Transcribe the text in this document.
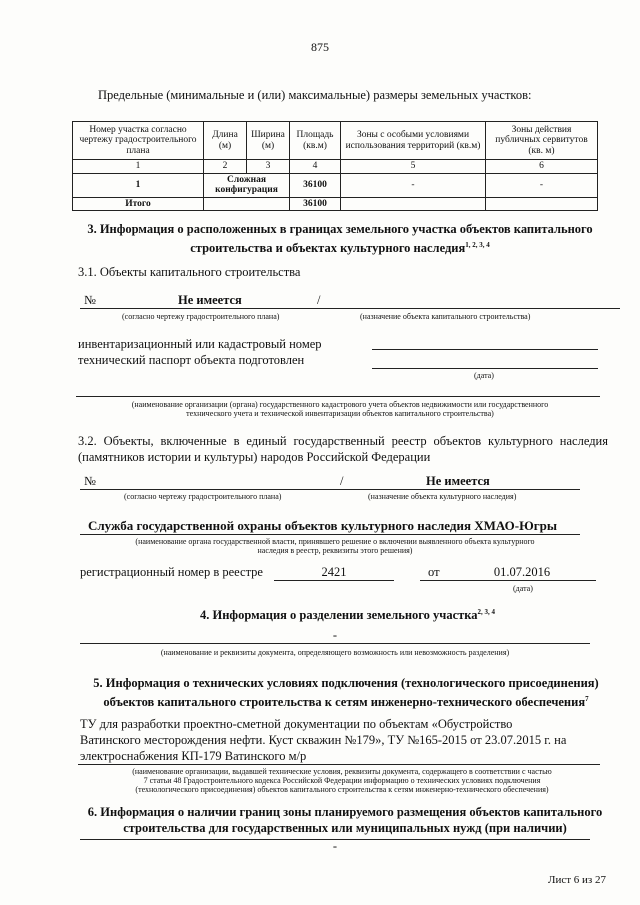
875
Предельные (минимальные и (или) максимальные) размеры земельных участков:
Номер участка согласно чертежу градостроительного плана	Длина (м)	Ширина (м)	Площадь (кв.м)	Зоны с особыми условиями использования территорий (кв.м)	Зоны действия публичных сервитутов (кв. м)
1	2	3	4	5	6
1	Сложная конфигурация		36100	-	-
Итого			36100		
3. Информация о расположенных в границах земельного участка объектов капитального
строительства и объектах культурного наследия$^{1, 2, 3, 4}$
3.1. Объекты капитального строительства
№	Не имеется	/
(согласно чертежу градостроительного плана)	(назначение объекта капитального строительства)
инвентаризационный или кадастровый номер
технический паспорт объекта подготовлен
(дата)
(наименование организации (органа) государственного кадастрового учета объектов недвижимости или государственного
технического учета и технической инвентаризации объектов капитального строительства)
3.2. Объекты, включенные в единый государственный реестр объектов культурного наследия
(памятников истории и культуры) народов Российской Федерации
№	/	Не имеется
(согласно чертежу градостроительного плана)	(назначение объекта культурного наследия)
Служба государственной охраны объектов культурного наследия ХМАО-Югры
(наименование органа государственной власти, принявшего решение о включении выявленного объекта культурного
наследия в реестр, реквизиты этого решения)
регистрационный номер в реестре	2421	от	01.07.2016
(дата)
4. Информация о разделении земельного участка$^{2, 3, 4}$
-
(наименование и реквизиты документа, определяющего возможность или невозможность разделения)
5. Информация о технических условиях подключения (технологического присоединения)
объектов капитального строительства к сетям инженерно-технического обеспечения$^7$
ТУ для разработки проектно-сметной документации по объектам «Обустройство
Ватинского месторождения нефти. Куст скважин №179», ТУ №165-2015 от 23.07.2015 г. на
электроснабжения КП-179 Ватинского м/р
(наименование организации, выдавшей технические условия, реквизиты документа, содержащего в соответствии с частью
7 статьи 48 Градостроительного кодекса Российской Федерации информацию о технических условиях подключения
(технологического присоединения) объектов капитального строительства к сетям инженерно-технического обеспечения)
6. Информация о наличии границ зоны планируемого размещения объектов капитального
строительства для государственных или муниципальных нужд (при наличии)
-
Лист 6 из 27
